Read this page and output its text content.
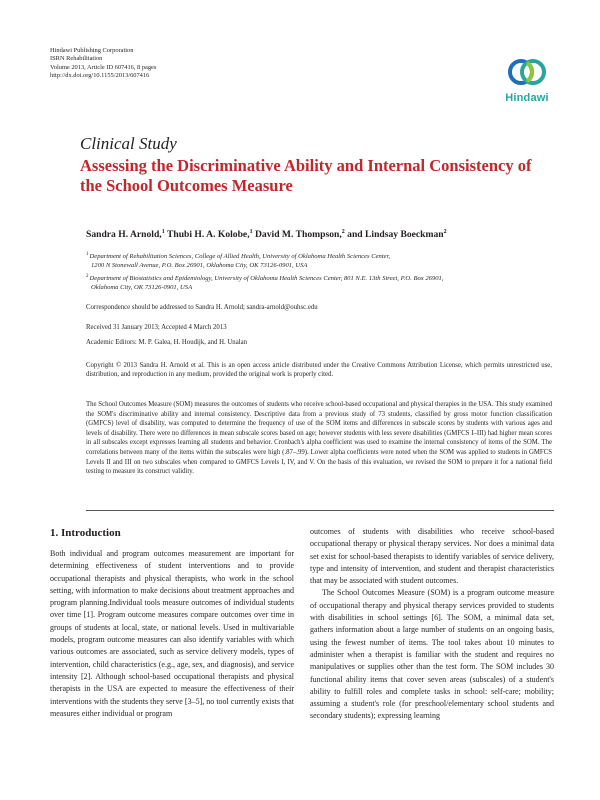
Hindawi Publishing Corporation
ISRN Rehabilitation
Volume 2013, Article ID 607416, 8 pages
http://dx.doi.org/10.1155/2013/607416
Hindawi
Clinical Study
Assessing the Discriminative Ability and Internal Consistency of the School Outcomes Measure
Sandra H. Arnold,$^1$ Thubi H. A. Kolobe,$^1$ David M. Thompson,$^2$ and Lindsay Boeckman$^2$
$^1$Department of Rehabilitation Sciences, College of Allied Health, University of Oklahoma Health Sciences Center,
1200 N Stonewall Avenue, P.O. Box 26901, Oklahoma City, OK 73126-0901, USA
$^2$Department of Biostatistics and Epidemiology, University of Oklahoma Health Sciences Center, 801 N.E. 13th Street, P.O. Box 26901,
Oklahoma City, OK 73126-0901, USA
Correspondence should be addressed to Sandra H. Arnold; sandra-arnold@ouhsc.edu
Received 31 January 2013; Accepted 4 March 2013
Academic Editors: M. P. Galea, H. Houdijk, and H. Unalan
Copyright © 2013 Sandra H. Arnold et al. This is an open access article distributed under the Creative Commons Attribution License, which permits unrestricted use, distribution, and reproduction in any medium, provided the original work is properly cited.
The School Outcomes Measure (SOM) measures the outcomes of students who receive school-based occupational and physical therapies in the USA. This study examined the SOM's discriminative ability and internal consistency. Descriptive data from a previous study of 73 students, classified by gross motor function classification (GMFCS) level of disability, was computed to determine the frequency of use of the SOM items and differences in subscale scores by students with various ages and levels of disability. There were no differences in mean subscale scores based on age; however students with less severe disabilities (GMFCS I–III) had higher mean scores in all subscales except expresses learning all students and behavior. Cronbach's alpha coefficient was used to examine the internal consistency of items of the SOM. The correlations between many of the items within the subscales were high (.87–.99). Lower alpha coefficients were noted when the SOM was applied to students in GMFCS Levels II and III on two subscales when compared to GMFCS Levels I, IV, and V. On the basis of this evaluation, we revised the SOM to prepare it for a national field testing to measure its construct validity.
1. Introduction

Both individual and program outcomes measurement are important for determining effectiveness of student interventions and to provide occupational therapists and physical therapists, who work in the school setting, with information to make decisions about treatment approaches and program planning.Individual tools measure outcomes of individual students over time [1]. Program outcome measures compare outcomes over time in groups of students at local, state, or national levels. Used in multivariable models, program outcome measures can also identify variables with which various outcomes are associated, such as service delivery models, types of intervention, child characteristics (e.g., age, sex, and diagnosis), and service intensity [2]. Although school-based occupational therapists and physical therapists in the USA are expected to measure the effectiveness of their interventions with the students they serve [3–5], no tool currently exists that measures either individual or program

outcomes of students with disabilities who receive school-based occupational therapy or physical therapy services. Nor does a minimal data set exist for school-based therapists to identify variables of service delivery, type and intensity of intervention, and student and therapist characteristics that may be associated with student outcomes.

The School Outcomes Measure (SOM) is a program outcome measure of occupational therapy and physical therapy services provided to students with disabilities in school settings [6]. The SOM, a minimal data set, gathers information about a large number of students on an ongoing basis, using the fewest number of items. The tool takes about 10 minutes to administer when a therapist is familiar with the student and requires no manipulatives or supplies other than the test form. The SOM includes 30 functional ability items that cover seven areas (subscales) of a student's ability to fulfill roles and complete tasks in school: self-care; mobility; assuming a student's role (for preschool/elementary school students and secondary students); expressing learning
